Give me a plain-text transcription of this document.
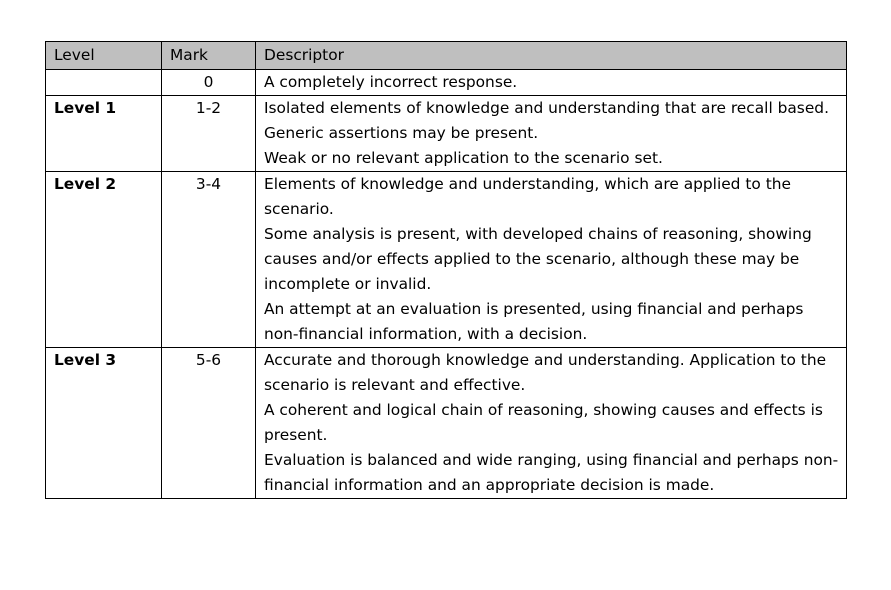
Level	Mark	Descriptor
	0	A completely incorrect response.

Level 1	1-2	Isolated elements of knowledge and understanding that are recall based.
Generic assertions may be present.
Weak or no relevant application to the scenario set.

Level 2	3-4	Elements of knowledge and understanding, which are applied to the scenario.
Some analysis is present, with developed chains of reasoning, showing causes and/or effects applied to the scenario, although these may be incomplete or invalid.
An attempt at an evaluation is presented, using financial and perhaps non-financial information, with a decision.

Level 3	5-6	Accurate and thorough knowledge and understanding. Application to the scenario is relevant and effective.
A coherent and logical chain of reasoning, showing causes and effects is present.
Evaluation is balanced and wide ranging, using financial and perhaps non-financial information and an appropriate decision is made.
